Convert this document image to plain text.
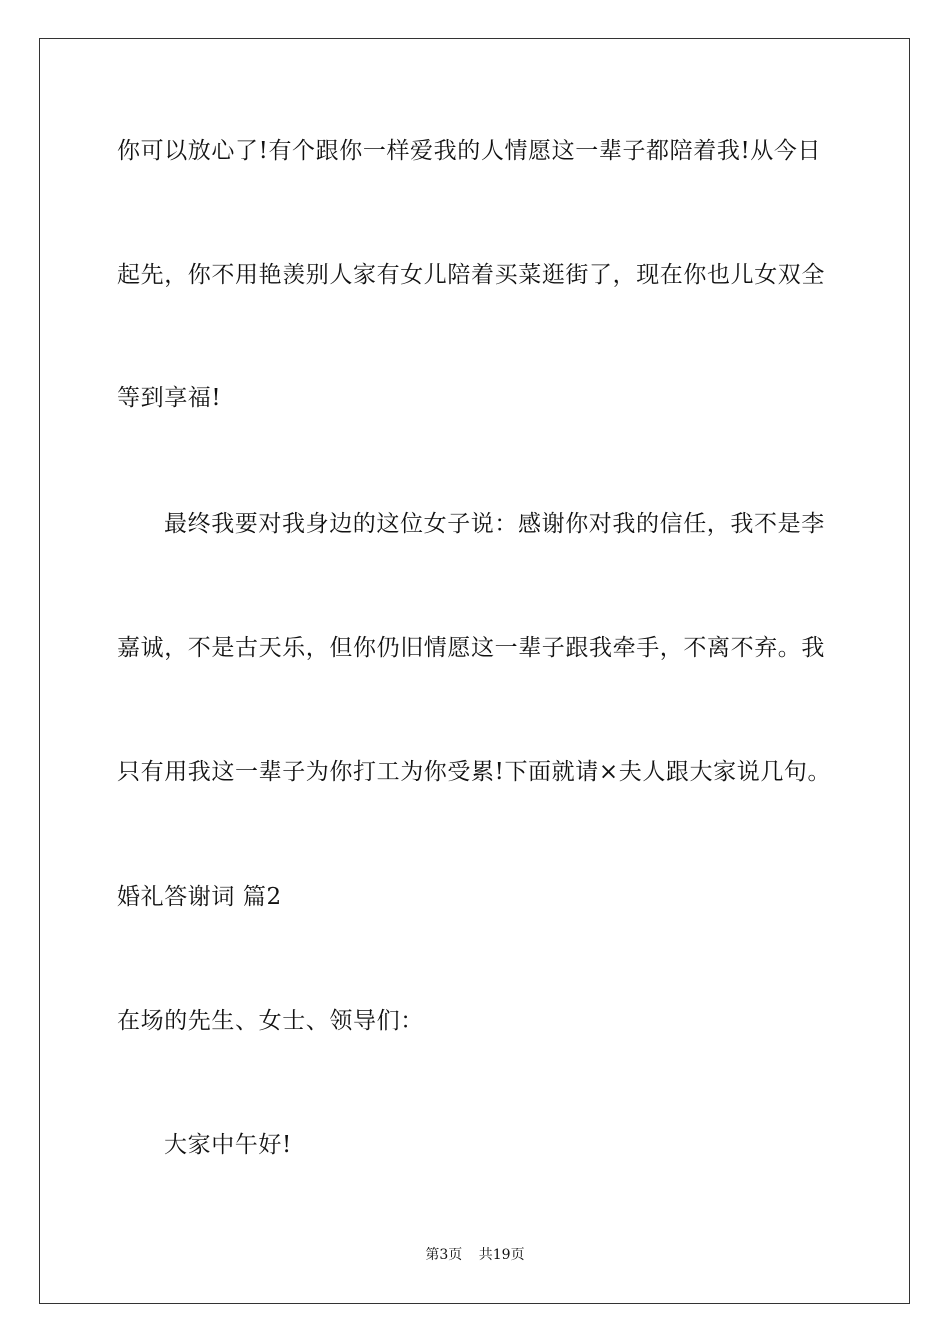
你可以放心了!有个跟你一样爱我的人情愿这一辈子都陪着我!从今日
起先，你不用艳羡别人家有女儿陪着买菜逛街了，现在你也儿女双全
等到享福!
最终我要对我身边的这位女子说：感谢你对我的信任，我不是李
嘉诚，不是古天乐，但你仍旧情愿这一辈子跟我牵手，不离不弃。我
只有用我这一辈子为你打工为你受累!下面就请×夫人跟大家说几句。
婚礼答谢词 篇2
在场的先生、女士、领导们：
大家中午好!
第3页 共19页
